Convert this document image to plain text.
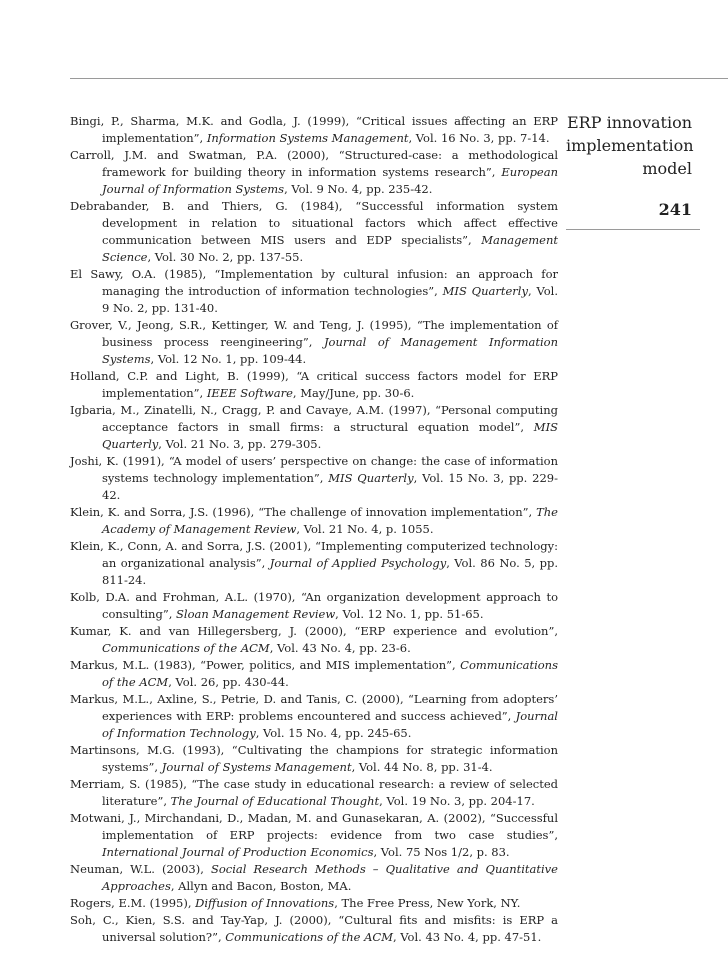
Bingi, P., Sharma, M.K. and Godla, J. (1999), “Critical issues affecting an ERP implementation”, Information Systems Management, Vol. 16 No. 3, pp. 7-14.

Carroll, J.M. and Swatman, P.A. (2000), “Structured-case: a methodological framework for building theory in information systems research”, European Journal of Information Systems, Vol. 9 No. 4, pp. 235-42.

Debrabander, B. and Thiers, G. (1984), “Successful information system development in relation to situational factors which affect effective communication between MIS users and EDP specialists”, Management Science, Vol. 30 No. 2, pp. 137-55.

El Sawy, O.A. (1985), “Implementation by cultural infusion: an approach for managing the introduction of information technologies”, MIS Quarterly, Vol. 9 No. 2, pp. 131-40.

Grover, V., Jeong, S.R., Kettinger, W. and Teng, J. (1995), “The implementation of business process reengineering”, Journal of Management Information Systems, Vol. 12 No. 1, pp. 109-44.

Holland, C.P. and Light, B. (1999), “A critical success factors model for ERP implementation”, IEEE Software, May/June, pp. 30-6.

Igbaria, M., Zinatelli, N., Cragg, P. and Cavaye, A.M. (1997), “Personal computing acceptance factors in small firms: a structural equation model”, MIS Quarterly, Vol. 21 No. 3, pp. 279-305.

Joshi, K. (1991), “A model of users’ perspective on change: the case of information systems technology implementation”, MIS Quarterly, Vol. 15 No. 3, pp. 229-42.

Klein, K. and Sorra, J.S. (1996), “The challenge of innovation implementation”, The Academy of Management Review, Vol. 21 No. 4, p. 1055.

Klein, K., Conn, A. and Sorra, J.S. (2001), “Implementing computerized technology: an organizational analysis”, Journal of Applied Psychology, Vol. 86 No. 5, pp. 811-24.

Kolb, D.A. and Frohman, A.L. (1970), “An organization development approach to consulting”, Sloan Management Review, Vol. 12 No. 1, pp. 51-65.

Kumar, K. and van Hillegersberg, J. (2000), “ERP experience and evolution”, Communications of the ACM, Vol. 43 No. 4, pp. 23-6.

Markus, M.L. (1983), “Power, politics, and MIS implementation”, Communications of the ACM, Vol. 26, pp. 430-44.

Markus, M.L., Axline, S., Petrie, D. and Tanis, C. (2000), “Learning from adopters’ experiences with ERP: problems encountered and success achieved”, Journal of Information Technology, Vol. 15 No. 4, pp. 245-65.

Martinsons, M.G. (1993), “Cultivating the champions for strategic information systems”, Journal of Systems Management, Vol. 44 No. 8, pp. 31-4.

Merriam, S. (1985), “The case study in educational research: a review of selected literature”, The Journal of Educational Thought, Vol. 19 No. 3, pp. 204-17.

Motwani, J., Mirchandani, D., Madan, M. and Gunasekaran, A. (2002), “Successful implementation of ERP projects: evidence from two case studies”, International Journal of Production Economics, Vol. 75 Nos 1/2, p. 83.

Neuman, W.L. (2003), Social Research Methods – Qualitative and Quantitative Approaches, Allyn and Bacon, Boston, MA.

Rogers, E.M. (1995), Diffusion of Innovations, The Free Press, New York, NY.

Soh, C., Kien, S.S. and Tay-Yap, J. (2000), “Cultural fits and misfits: is ERP a universal solution?”, Communications of the ACM, Vol. 43 No. 4, pp. 47-51.

ERP innovation

implementation

model

241
